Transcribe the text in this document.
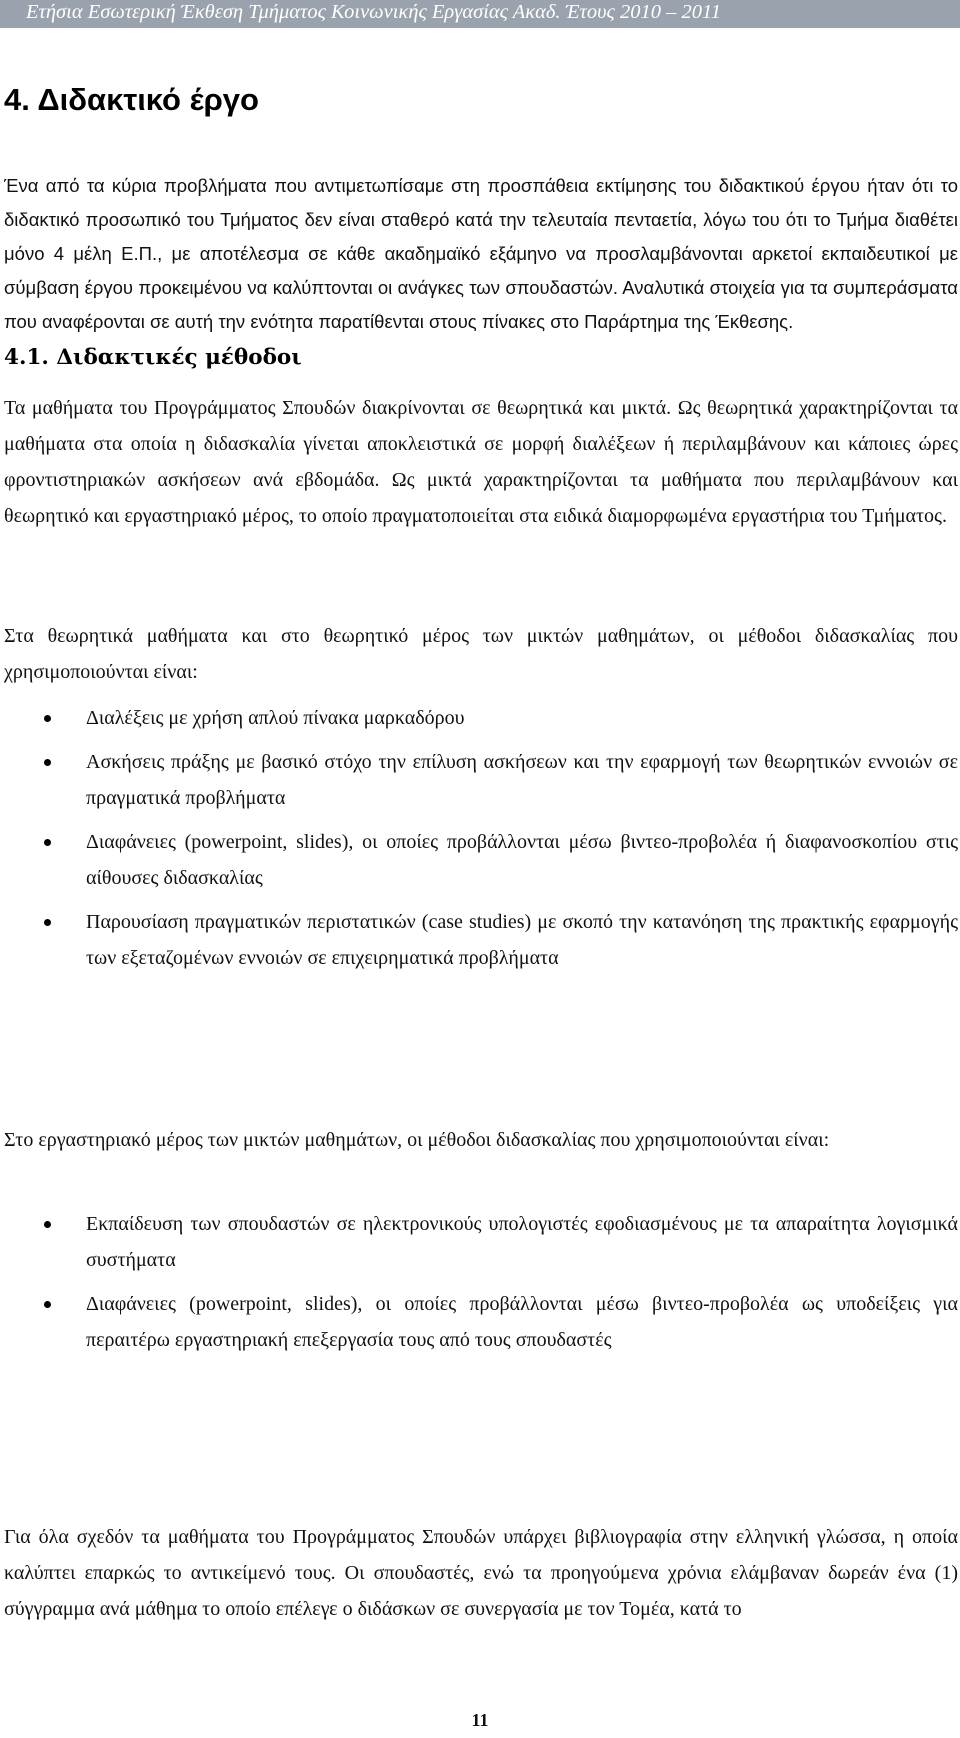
Ετήσια Εσωτερική Έκθεση Τμήματος Κοινωνικής Εργασίας Ακαδ. Έτους 2010 – 2011
4. Διδακτικό έργο

Ένα από τα κύρια προβλήματα που αντιμετωπίσαμε στη προσπάθεια εκτίμησης του διδακτικού έργου ήταν ότι το διδακτικό προσωπικό του Τμήματος δεν είναι σταθερό κατά την τελευταία πενταετία, λόγω του ότι το Τμήμα διαθέτει μόνο 4 μέλη Ε.Π., με αποτέλεσμα σε κάθε ακαδημαϊκό εξάμηνο να προσλαμβάνονται αρκετοί εκπαιδευτικοί με σύμβαση έργου προκειμένου να καλύπτονται οι ανάγκες των σπουδαστών. Αναλυτικά στοιχεία για τα συμπεράσματα που αναφέρονται σε αυτή την ενότητα παρατίθενται στους πίνακες στο Παράρτημα της Έκθεσης.

4.1. Διδακτικές μέθοδοι

Τα μαθήματα του Προγράμματος Σπουδών διακρίνονται σε θεωρητικά και μικτά. Ως θεωρητικά χαρακτηρίζονται τα μαθήματα στα οποία η διδασκαλία γίνεται αποκλειστικά σε μορφή διαλέξεων ή περιλαμβάνουν και κάποιες ώρες φροντιστηριακών ασκήσεων ανά εβδομάδα. Ως μικτά χαρακτηρίζονται τα μαθήματα που περιλαμβάνουν και θεωρητικό και εργαστηριακό μέρος, το οποίο πραγματοποιείται στα ειδικά διαμορφωμένα εργαστήρια του Τμήματος.

Στα θεωρητικά μαθήματα και στο θεωρητικό μέρος των μικτών μαθημάτων, οι μέθοδοι διδασκαλίας που χρησιμοποιούνται είναι:

Διαλέξεις με χρήση απλού πίνακα μαρκαδόρου
Ασκήσεις πράξης με βασικό στόχο την επίλυση ασκήσεων και την εφαρμογή των θεωρητικών εννοιών σε πραγματικά προβλήματα
Διαφάνειες (powerpoint, slides), οι οποίες προβάλλονται μέσω βιντεο-προβολέα ή διαφανοσκοπίου στις αίθουσες διδασκαλίας
Παρουσίαση πραγματικών περιστατικών (case studies) με σκοπό την κατανόηση της πρακτικής εφαρμογής των εξεταζομένων εννοιών σε επιχειρηματικά προβλήματα

Στο εργαστηριακό μέρος των μικτών μαθημάτων, οι μέθοδοι διδασκαλίας που χρησιμοποιούνται είναι:

Εκπαίδευση των σπουδαστών σε ηλεκτρονικούς υπολογιστές εφοδιασμένους με τα απαραίτητα λογισμικά συστήματα
Διαφάνειες (powerpoint, slides), οι οποίες προβάλλονται μέσω βιντεο-προβολέα ως υποδείξεις για περαιτέρω εργαστηριακή επεξεργασία τους από τους σπουδαστές

Για όλα σχεδόν τα μαθήματα του Προγράμματος Σπουδών υπάρχει βιβλιογραφία στην ελληνική γλώσσα, η οποία καλύπτει επαρκώς το αντικείμενό τους. Οι σπουδαστές, ενώ τα προηγούμενα χρόνια ελάμβαναν δωρεάν ένα (1) σύγγραμμα ανά μάθημα το οποίο επέλεγε ο διδάσκων σε συνεργασία με τον Τομέα, κατά το

11
